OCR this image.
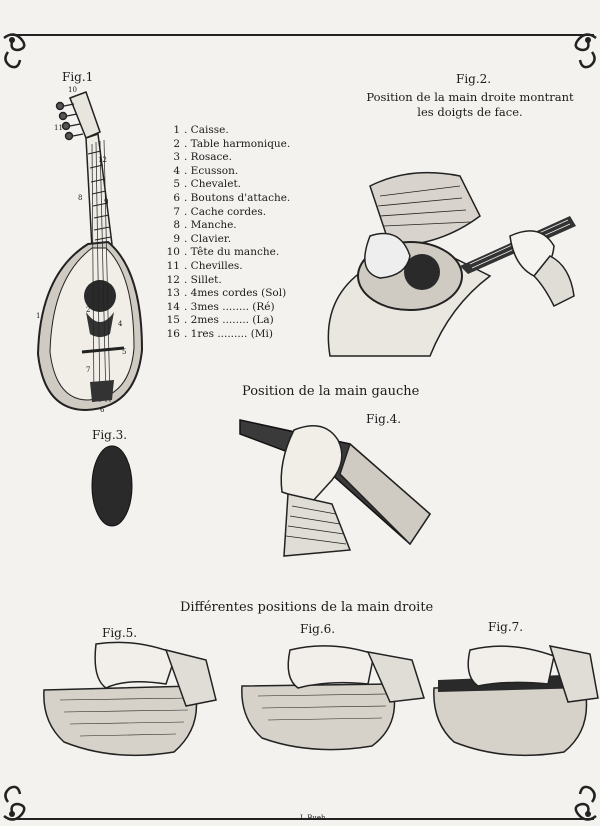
Fig.1
10
11
12
8	9
1
2
4
5
7
6
1 . Caisse.
2 . Table harmonique.
3 . Rosace.
4 . Ecusson.
5 . Chevalet.
6 . Boutons d'attache.
7 . Cache cordes.
8 . Manche.
9 . Clavier.
10 . Tête du manche.
11 . Chevilles.
12 . Sillet.
13 . 4mes cordes (Sol)
14 . 3mes ........ (Ré)
15 . 2mes ........ (La)
16 . 1res ......... (Mi)
Fig.2.
Position de la main droite montrant
les doigts de face.
Fig.3.
Position de la main gauche
Fig.4.
Différentes positions de la main droite
Fig.5.	Fig.6.	Fig.7.
I. Bueh
